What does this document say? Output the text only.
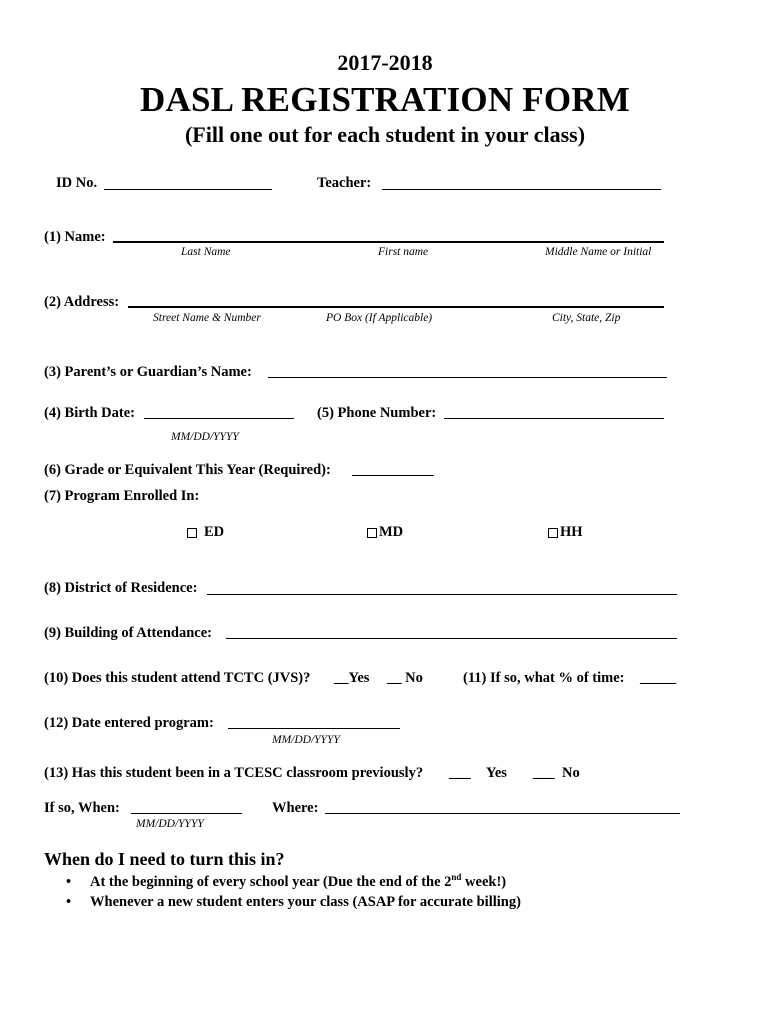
2017-2018
DASL REGISTRATION FORM
(Fill one out for each student in your class)
ID No.	Teacher:
(1) Name:
Last Name	First name	Middle Name or Initial
(2) Address:
Street Name & Number	PO Box (If Applicable)	City, State, Zip
(3) Parent’s or Guardian’s Name:
(4) Birth Date:
MM/DD/YYYY
(5) Phone Number:
(6) Grade or Equivalent This Year (Required):
(7) Program Enrolled In:
ED	MD	HH
(8) District of Residence:
(9) Building of Attendance:
(10) Does this student attend TCTC (JVS)? __Yes __ No	(11) If so, what % of time: _____
(12) Date entered program:
MM/DD/YYYY
(13) Has this student been in a TCESC classroom previously? ___ Yes ___ No
If so, When:
MM/DD/YYYY
Where:
When do I need to turn this in?
• At the beginning of every school year (Due the end of the 2nd week!)
• Whenever a new student enters your class (ASAP for accurate billing)
